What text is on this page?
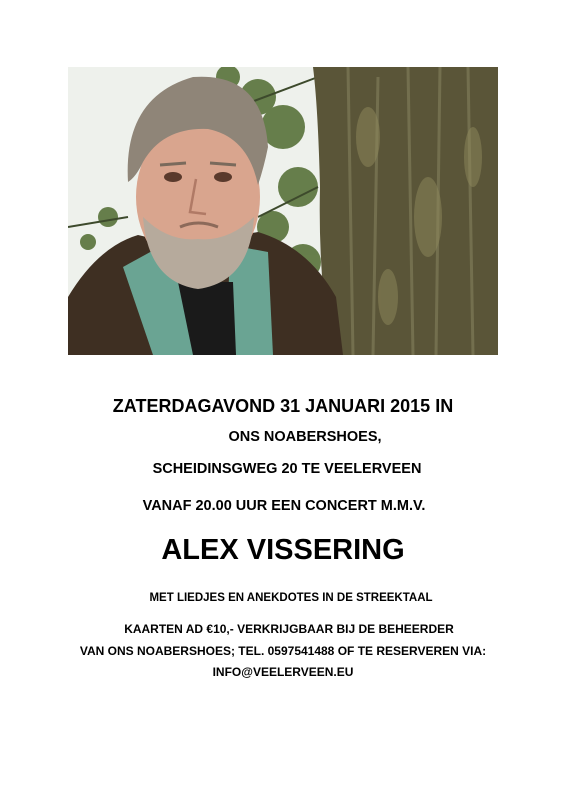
ZATERDAGAVOND 31 JANUARI 2015 IN
ONS NOABERSHOES,
SCHEIDINSGWEG 20 TE VEELERVEEN
VANAF 20.00 UUR EEN CONCERT M.M.V.
ALEX VISSERING
MET LIEDJES EN ANEKDOTES IN DE STREEKTAAL
KAARTEN AD €10,- VERKRIJGBAAR BIJ DE BEHEERDER
VAN ONS NOABERSHOES; TEL. 0597541488 OF TE RESERVEREN VIA:
INFO@VEELERVEEN.EU
